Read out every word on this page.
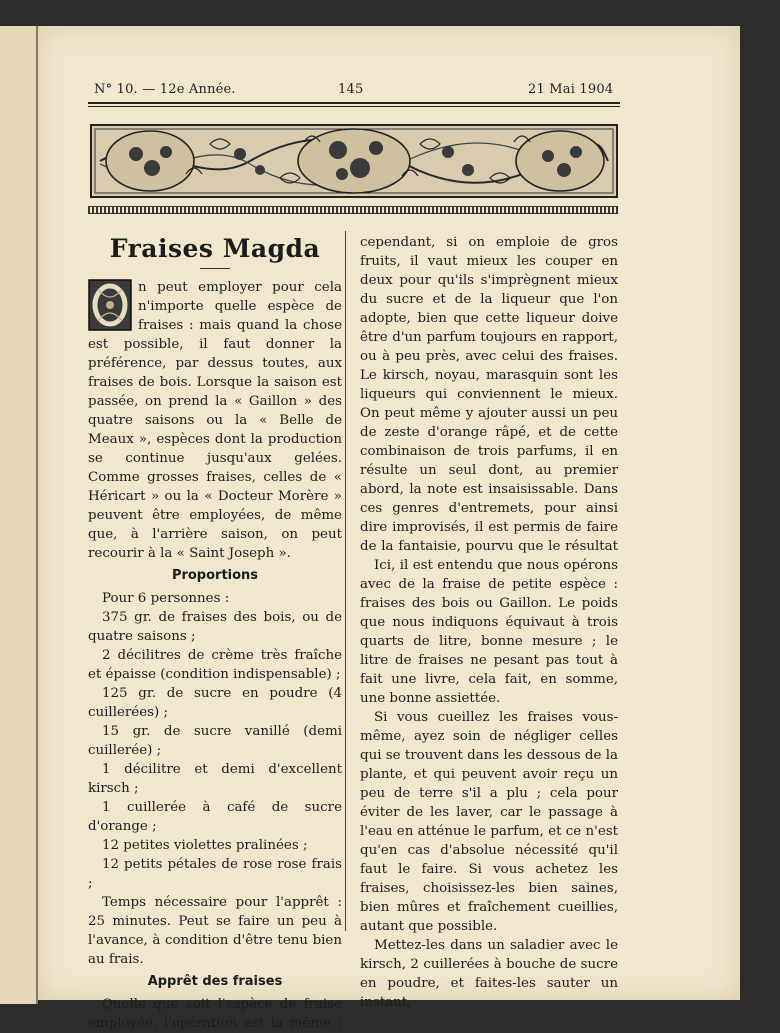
N° 10. — 12e Année.	145	21 Mai 1904
Fraises Magda

n peut employer pour cela n'importe quelle espèce de fraises : mais quand la chose est possible, il faut donner la préférence, par dessus toutes, aux fraises de bois. Lorsque la saison est passée, on prend la « Gaillon » des quatre saisons ou la « Belle de Meaux », espèces dont la production se continue jusqu'aux gelées. Comme grosses fraises, celles de « Héricart » ou la « Docteur Morère » peuvent être employées, de même que, à l'arrière saison, on peut recourir à la « Saint Joseph ».

Proportions

Pour 6 personnes :

375 gr. de fraises des bois, ou de quatre saisons ;

2 décilitres de crème très fraîche et épaisse (condition indispensable) ;

125 gr. de sucre en poudre (4 cuillerées) ;

15 gr. de sucre vanillé (demi cuillerée) ;

1 décilitre et demi d'excellent kirsch ;

1 cuillerée à café de sucre d'orange ;

12 petites violettes pralinées ;

12 petits pétales de rose rose frais ;

Temps nécessaire pour l'apprêt : 25 minutes. Peut se faire un peu à l'avance, à condition d'être tenu bien au frais.

Apprêt des fraises

Quelle que soit l'espèce de fraise employée, l'opération est la même ;

cependant, si on emploie de gros fruits, il vaut mieux les couper en deux pour qu'ils s'imprègnent mieux du sucre et de la liqueur que l'on adopte, bien que cette liqueur doive être d'un parfum toujours en rapport, ou à peu près, avec celui des fraises. Le kirsch, noyau, marasquin sont les liqueurs qui conviennent le mieux. On peut même y ajouter aussi un peu de zeste d'orange râpé, et de cette combinaison de trois parfums, il en résulte un seul dont, au premier abord, la note est insaisissable. Dans ces genres d'entremets, pour ainsi dire improvisés, il est permis de faire de la fantaisie, pourvu que le résultat

Ici, il est entendu que nous opérons avec de la fraise de petite espèce : fraises des bois ou Gaillon. Le poids que nous indiquons équivaut à trois quarts de litre, bonne mesure ; le litre de fraises ne pesant pas tout à fait une livre, cela fait, en somme, une bonne assiettée.

Si vous cueillez les fraises vous-même, ayez soin de négliger celles qui se trouvent dans les dessous de la plante, et qui peuvent avoir reçu un peu de terre s'il a plu ; cela pour éviter de les laver, car le passage à l'eau en atténue le parfum, et ce n'est qu'en cas d'absolue nécessité qu'il faut le faire. Si vous achetez les fraises, choisissez-les bien saines, bien mûres et fraîchement cueillies, autant que possible.

Mettez-les dans un saladier avec le kirsch, 2 cuillerées à bouche de sucre en poudre, et faites-les sauter un instant,
